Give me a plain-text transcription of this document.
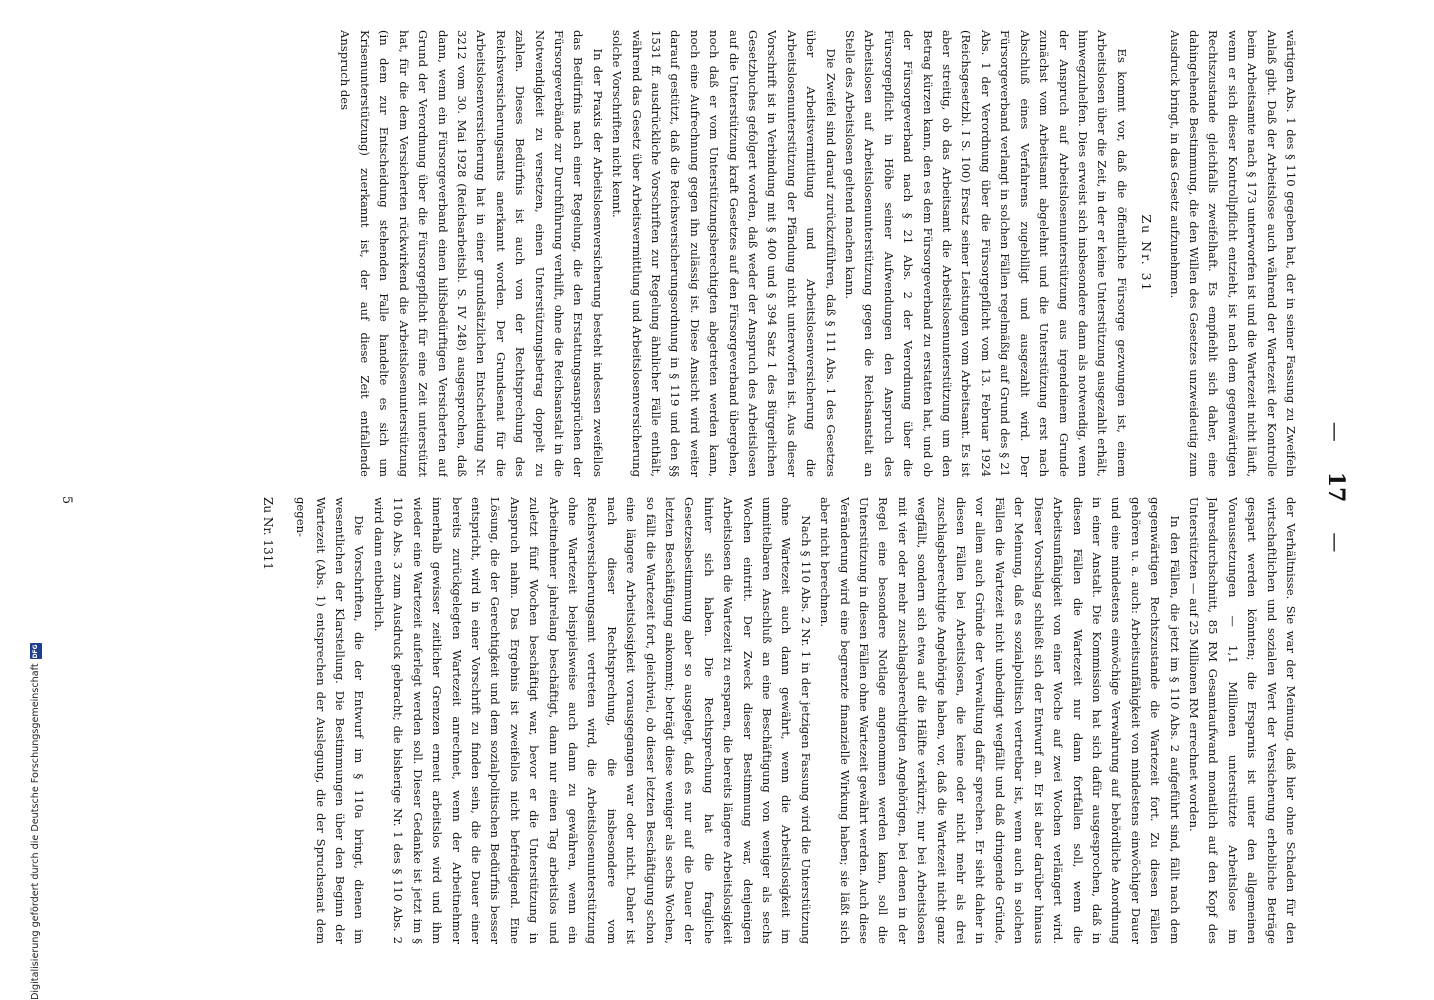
—
17
—

wärtigen Abs. 1 des § 110 gegeben hat, der in seiner Fassung zu Zweifeln Anlaß gibt. Daß der Arbeitslose auch während der Wartezeit der Kontrolle beim Arbeitsamte nach § 173 unterworfen ist und die Wartezeit nicht läuft, wenn er sich dieser Kontrollpflicht entzieht, ist nach dem gegenwärtigen Rechtszustande gleichfalls zweifelhaft. Es empfiehlt sich daher, eine dahingehende Bestimmung, die den Willen des Gesetzes unzweideutig zum Ausdruck bringt, in das Gesetz aufzunehmen.

Zu Nr. 31

Es kommt vor, daß die öffentliche Fürsorge gezwungen ist, einem Arbeitslosen über die Zeit, in der er keine Unterstützung ausgezahlt erhält, hinwegzuhelfen. Dies erweist sich insbesondere dann als notwendig, wenn der Anspruch auf Arbeitslosenunterstützung aus irgendeinem Grunde zunächst vom Arbeitsamt abgelehnt und die Unterstützung erst nach Abschluß eines Verfahrens zugebilligt und ausgezahlt wird. Der Fürsorgeverband verlangt in solchen Fällen regelmäßig auf Grund des § 21 Abs. 1 der Verordnung über die Fürsorgepflicht vom 13. Februar 1924 (Reichsgesetzbl. I S. 100) Ersatz seiner Leistungen vom Arbeitsamt. Es ist aber streitig, ob das Arbeitsamt die Arbeitslosenunterstützung um den Betrag kürzen kann, den es dem Fürsorgeverband zu erstatten hat, und ob der Fürsorgeverband nach § 21 Abs. 2 der Verordnung über die Fürsorgepflicht in Höhe seiner Aufwendungen den Anspruch des Arbeitslosen auf Arbeitslosenunterstützung gegen die Reichsanstalt an Stelle des Arbeitslosen geltend machen kann.

Die Zweifel sind darauf zurückzuführen, daß § 111 Abs. 1 des Gesetzes über Arbeitsvermittlung und Arbeitslosenversicherung die Arbeitslosenunterstützung der Pfändung nicht unterworfen ist. Aus dieser Vorschrift ist in Verbindung mit § 400 und § 394 Satz 1 des Bürgerlichen Gesetzbuches gefolgert worden, daß weder der Anspruch des Arbeitslosen auf die Unterstützung kraft Gesetzes auf den Fürsorgeverband übergehen, noch daß er vom Unterstützungsberechtigten abgetreten werden kann, noch eine Aufrechnung gegen ihn zulässig ist. Diese Ansicht wird weiter darauf gestützt, daß die Reichsversicherungsordnung in § 119 und den §§ 1531 ff. ausdrückliche Vorschriften zur Regelung ähnlicher Fälle enthält, während das Gesetz über Arbeitsvermittlung und Arbeitslosenversicherung solche Vorschriften nicht kennt.

In der Praxis der Arbeitslosenversicherung besteht indessen zweifellos das Bedürfnis nach einer Regelung, die den Erstattungsansprüchen der Fürsorgeverbände zur Durchführung verhilft, ohne die Reichsanstalt in die Notwendigkeit zu versetzen, einen Unterstützungsbetrag doppelt zu zahlen. Dieses Bedürfnis ist auch von der Rechtsprechung des Reichsversicherungsamts anerkannt worden. Der Grundsenat für die Arbeitslosenversicherung hat in einer grundsätzlichen Entscheidung Nr. 3212 vom 30. Mai 1928 (Reichsarbeitsbl. S. IV 248) ausgesprochen, daß dann, wenn ein Fürsorgeverband einen hilfsbedürftigen Versicherten auf Grund der Verordnung über die Fürsorgepflicht für eine Zeit unterstützt hat, für die dem Versicherten rückwirkend die Arbeitslosenunterstützung (in dem zur Entscheidung stehenden Falle handelte es sich um Krisenunterstützung) zuerkannt ist, der auf diese Zeit entfallende Anspruch des

der Verhältnisse. Sie war der Meinung, daß hier ohne Schaden für den wirtschaftlichen und sozialen Wert der Versicherung erhebliche Beträge gespart werden könnten; die Ersparnis ist unter den allgemeinen Voraussetzungen — 1,1 Millionen unterstützte Arbeitslose im Jahresdurchschnitt, 85 RM Gesamtaufwand monatlich auf den Kopf des Unterstützten — auf 25 Millionen RM errechnet worden.

In den Fällen, die jetzt im § 110 Abs. 2 aufgeführt sind, fällt nach dem gegenwärtigen Rechtszustande die Wartezeit fort. Zu diesen Fällen gehören u. a. auch: Arbeitsunfähigkeit von mindestens einwöchiger Dauer und eine mindestens einwöchige Verwahrung auf behördliche Anordnung in einer Anstalt. Die Kommission hat sich dafür ausgesprochen, daß in diesen Fällen die Wartezeit nur dann fortfallen soll, wenn die Arbeitsunfähigkeit von einer Woche auf zwei Wochen verlängert wird. Dieser Vorschlag schließt sich der Entwurf an. Er ist aber darüber hinaus der Meinung, daß es sozialpolitisch vertretbar ist, wenn auch in solchen Fällen die Wartezeit nicht unbedingt wegfällt und daß dringende Gründe, vor allem auch Gründe der Verwaltung dafür sprechen. Er sieht daher in diesen Fällen bei Arbeitslosen, die keine oder nicht mehr als drei zuschlagsberechtigte Angehörige haben, vor, daß die Wartezeit nicht ganz wegfällt, sondern sich etwa auf die Hälfte verkürzt; nur bei Arbeitslosen mit vier oder mehr zuschlagsberechtigten Angehörigen, bei denen in der Regel eine besondere Notlage angenommen werden kann, soll die Unterstützung in diesen Fällen ohne Wartezeit gewährt werden. Auch diese Veränderung wird eine begrenzte finanzielle Wirkung haben; sie läßt sich aber nicht berechnen.

Nach § 110 Abs. 2 Nr. 1 in der jetzigen Fassung wird die Unterstützung ohne Wartezeit auch dann gewährt, wenn die Arbeitslosigkeit im unmittelbaren Anschluß an eine Beschäftigung von weniger als sechs Wochen eintritt. Der Zweck dieser Bestimmung war, denjenigen Arbeitslosen die Wartezeit zu ersparen, die bereits längere Arbeitslosigkeit hinter sich haben. Die Rechtsprechung hat die fragliche Gesetzesbestimmung aber so ausgelegt, daß es nur auf die Dauer der letzten Beschäftigung ankommt; beträgt diese weniger als sechs Wochen, so fällt die Wartezeit fort, gleichviel, ob dieser letzten Beschäftigung schon eine längere Arbeitslosigkeit vorausgegangen war oder nicht. Daher ist nach dieser Rechtsprechung, die insbesondere vom Reichsversicherungsamt vertreten wird, die Arbeitslosenunterstützung ohne Wartezeit beispielsweise auch dann zu gewähren, wenn ein Arbeitnehmer jahrelang beschäftigt, dann nur einen Tag arbeitslos und zuletzt fünf Wochen beschäftigt war, bevor er die Unterstützung in Anspruch nahm. Das Ergebnis ist zweifellos nicht befriedigend. Eine Lösung, die der Gerechtigkeit und dem sozialpolitischen Bedürfnis besser entspricht, wird in einer Vorschrift zu finden sein, die die Dauer einer bereits zurückgelegten Wartezeit anrechnet, wenn der Arbeitnehmer innerhalb gewisser zeitlicher Grenzen erneut arbeitslos wird und ihm wieder eine Wartezeit auferlegt werden soll. Dieser Gedanke ist jetzt im § 110b Abs. 3 zum Ausdruck gebracht; die bisherige Nr. 1 des § 110 Abs. 2 wird dann entbehrlich.

Die Vorschriften, die der Entwurf im § 110a bringt, dienen im wesentlichen der Klarstellung. Die Bestimmungen über den Beginn der Wartezeit (Abs. 1) entsprechen der Auslegung, die der Spruchsenat dem gegen-

Zu Nr. 1311

5
Digitalisierung gefördert durch die Deutsche Forschungsgemeinschaft
DFG
